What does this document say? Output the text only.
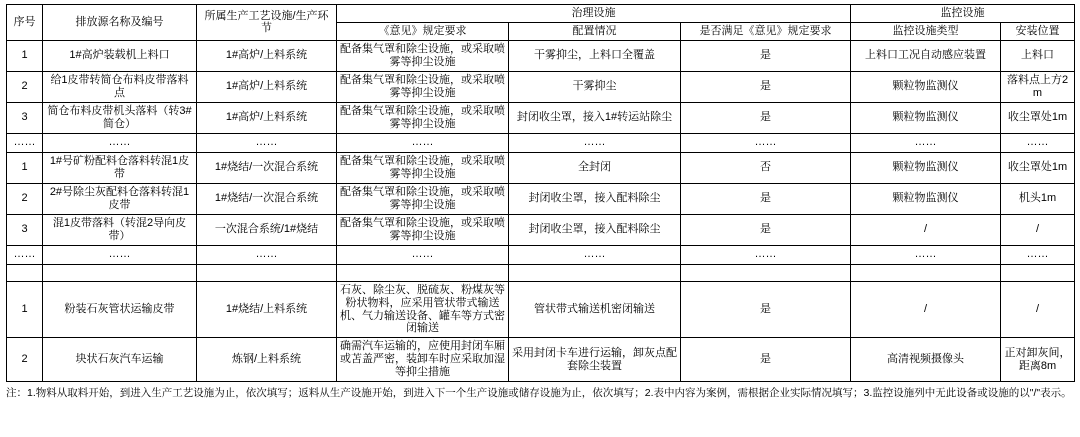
序号	排放源名称及编号	所属生产工艺设施/生产环节	治理设施			监控设施	
			《意见》规定要求	配置情况	是否满足《意见》规定要求	监控设施类型	安装位置
1	1#高炉装载机上料口	1#高炉/上料系统	配备集气罩和除尘设施，或采取喷雾等抑尘设施	干雾抑尘，上料口全覆盖	是	上料口工况自动感应装置	上料口
2	给1皮带转简仓布料皮带落料点	1#高炉/上料系统	配备集气罩和除尘设施，或采取喷雾等抑尘设施	干雾抑尘	是	颗粒物监测仪	落料点上方2m
3	简仓布料皮带机头落料（转3#简仓）	1#高炉/上料系统	配备集气罩和除尘设施，或采取喷雾等抑尘设施	封闭收尘罩，接入1#转运站除尘	是	颗粒物监测仪	收尘罩处1m
……	……	……	……	……	……	……	……
1	1#号矿粉配料仓落料转混1皮带	1#烧结/一次混合系统	配备集气罩和除尘设施，或采取喷雾等抑尘设施	全封闭	否	颗粒物监测仪	收尘罩处1m
2	2#号除尘灰配料仓落料转混1皮带	1#烧结/一次混合系统	配备集气罩和除尘设施，或采取喷雾等抑尘设施	封闭收尘罩，接入配料除尘	是	颗粒物监测仪	机头1m
3	混1皮带落料（转混2导向皮带）	一次混合系统/1#烧结	配备集气罩和除尘设施，或采取喷雾等抑尘设施	封闭收尘罩，接入配料除尘	是	/	/
……	……	……	……	……	……	……	……

1	粉装石灰管状运输皮带	1#烧结/上料系统	石灰、除尘灰、脱硫灰、粉煤灰等粉状物料，应采用管状带式输送机、气力输送设备、罐车等方式密闭输送	管状带式输送机密闭输送	是	/	/
2	块状石灰汽车运输	炼钢/上料系统	确需汽车运输的，应使用封闭车厢或苫盖严密，装卸车时应采取加湿等抑尘措施	采用封闭卡车进行运输，卸灰点配套除尘装置	是	高清视频摄像头	正对卸灰间，距离8m
注：1.物料从取料开始，到进入生产工艺设施为止，依次填写；返料从生产设施开始，到进入下一个生产设施或储存设施为止，依次填写；2.表中内容为案例，需根据企业实际情况填写；3.监控设施列中无此设备或设施的以"/"表示。
